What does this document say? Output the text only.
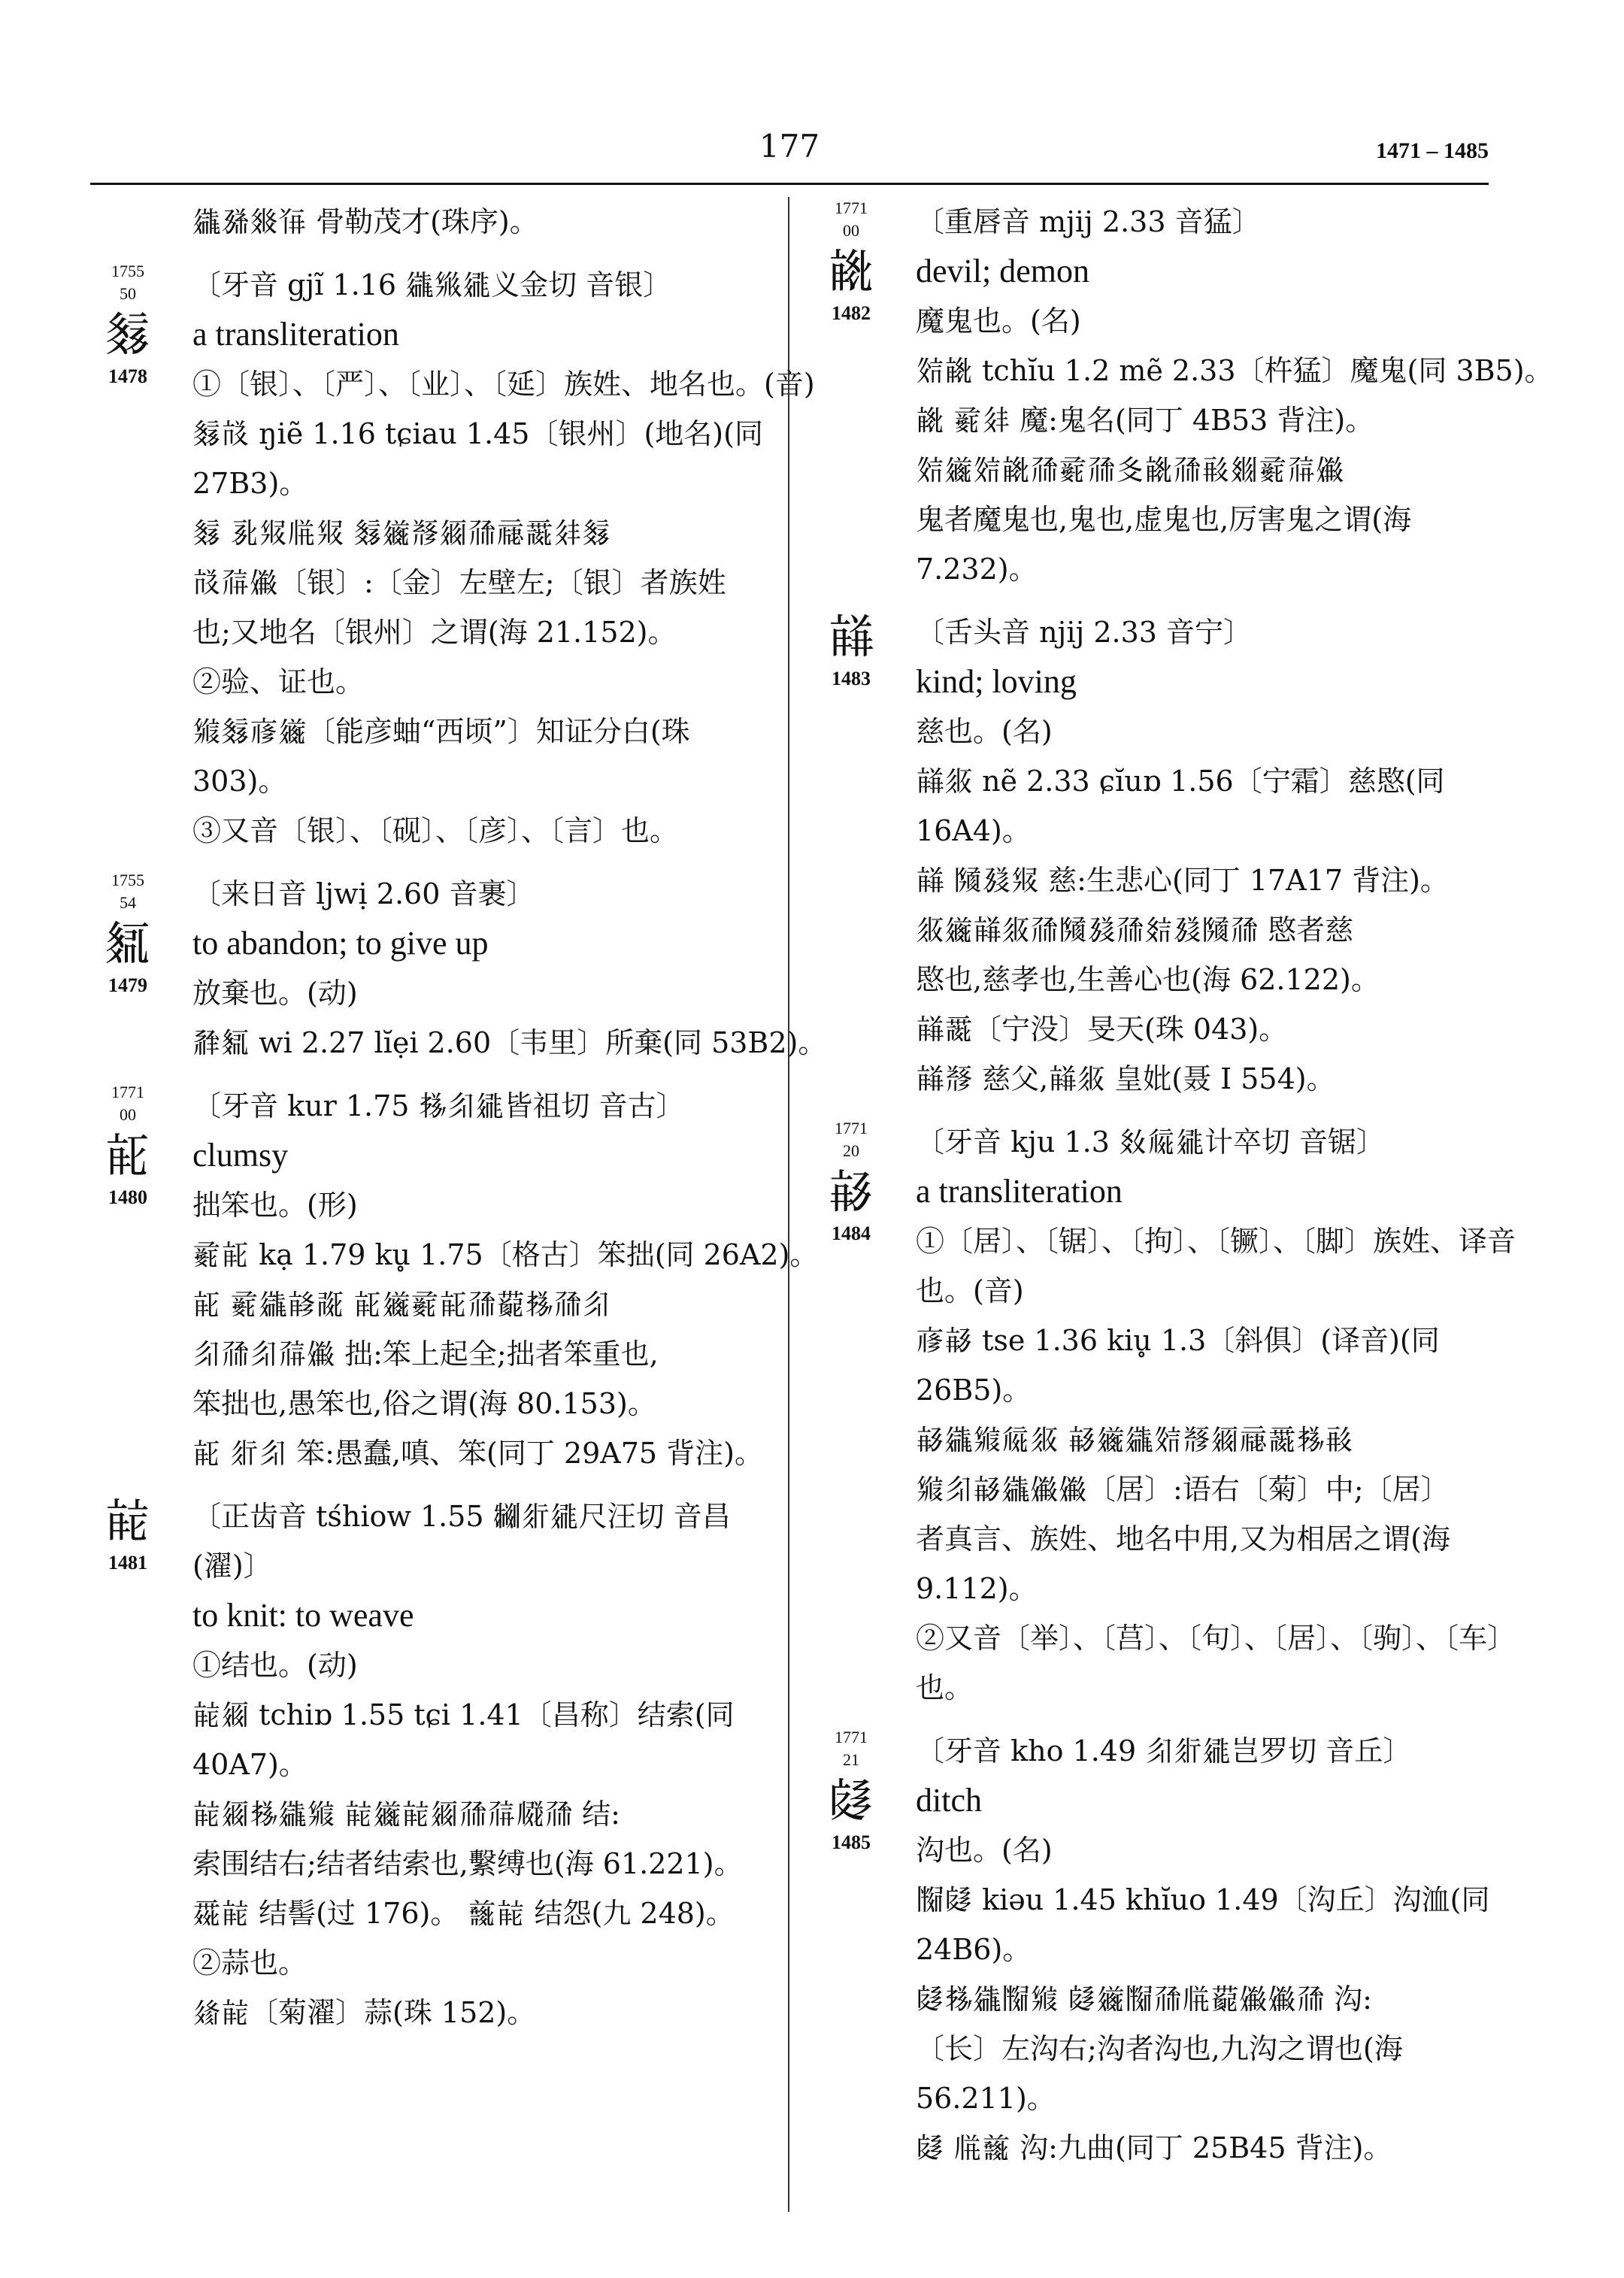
177	1471 – 1485
𗪘𗉨𗾟𗔽 骨勒茂才(珠序)。
1755
50
𘊐
1478
〔牙音 gjĩ 1.16 𗪘𗊱𗧓义金切 音银〕
a transliteration
①〔银〕、〔严〕、〔业〕、〔延〕族姓、地名也。(音)
𘊐𗭊 ŋiẽ 1.16 tɕiau 1.45〔银州〕(地名)(同
27B3)。
𘊐 𗎘𗊛𗄼𗊛 𘊐𗫂𘃡𗥃𗗙𗄊𗵘𗢳𘊐
𗭊𗗚𗏹〔银〕:〔金〕左壁左;〔银〕者族姓
也;又地名〔银州〕之谓(海 21.152)。
②验、证也。
𗋚𘊐𗇋𗫂〔能彦蚰“西顷”〕知证分白(珠
303)。
③又音〔银〕、〔砚〕、〔彦〕、〔言〕也。
1755
54
𘊓
1479
〔来日音 ljwị 2.60 音裹〕
to abandon; to give up
放棄也。(动)
𗴂𘊓 wi 2.27 lĭẹi 2.60〔韦里〕所棄(同 53B2)。
1771
00
𘋀
1480
〔牙音 kur 1.75 𗈪𗼃𗧓皆祖切 音古〕
clumsy
拙笨也。(形)
𗈜𘋀 kạ 1.79 ku̥ 1.75〔格古〕笨拙(同 26A2)。
𘋀 𗈜𗪘𘋁𗰞 𘋀𗫂𗈜𘋀𗗙𗞔𗈪𗗙𗼃
𗼃𗗙𗼃𗗚𗏹 拙:笨上起全;拙者笨重也,
笨拙也,愚笨也,俗之谓(海 80.153)。
𘋀 𗼄𗼃 笨:愚蠢,嗔、笨(同丁 29A75 背注)。
𘋂
1481
〔正齿音 tśhiow 1.55 𗴠𗼄𗧓尺汪切 音昌
(濯)〕
to knit: to weave
①结也。(动)
𘋂𗥃 tchiɒ 1.55 tɕi 1.41〔昌称〕结索(同
40A7)。
𘋂𗥃𗈪𗪘𗋚 𘋂𗫂𘋂𗥃𗗙𗗚𗆧𗗙 结:
索围结右;结者结索也,繫缚也(海 61.221)。
𗴺𘋂 结髻(过 176)。 𗔳𘋂 结怨(九 248)。
②蒜也。
𗦳𘋂〔菊濯〕蒜(珠 152)。
1771
00
𘋃
1482
〔重唇音 mjij 2.33 音猛〕
devil; demon
魔鬼也。(名)
𗼻𘋃 tchĭu 1.2 mẽ 2.33〔杵猛〕魔鬼(同 3B5)。
𘋃 𗈜𗢳 魔:鬼名(同丁 4B53 背注)。
𗼻𗫂𗼻𘋃𗗙𗈜𗗙𗾆𘋃𗗙𗷰𗾞𗈜𗗚𗏹
鬼者魔鬼也,鬼也,虚鬼也,厉害鬼之谓(海
7.232)。
𘋄
1483
〔舌头音 njij 2.33 音宁〕
kind; loving
慈也。(名)
𘋄𗼇 nẽ 2.33 ɕĭuɒ 1.56〔宁霜〕慈愍(同
16A4)。
𘋄 𗂧𗉢𗊛 慈:生悲心(同丁 17A17 背注)。
𗼇𗫂𘋄𗼇𗗙𗂧𗉢𗗙𗾖𗉢𗂧𗗙 愍者慈
愍也,慈孝也,生善心也(海 62.122)。
𘋄𗵘〔宁没〕旻天(珠 043)。
𘋄𘃡 慈父,𘋄𗼇 皇妣(聂 I 554)。
1771
20
𘋅
1484
〔牙音 kju 1.3 𗾈𗏁𗧓计卒切 音锯〕
a transliteration
①〔居〕、〔锯〕、〔拘〕、〔镢〕、〔脚〕族姓、译音
也。(音)
𗇋𘋅 tse 1.36 kiu̥ 1.3〔斜俱〕(译音)(同
26B5)。
𘋅𗪘𗋚𗏁𗼇 𘋅𗫂𗪘𗼻𘃡𗥃𗄊𗵘𗈪𗷰
𗋚𗼃𘋅𗪘𗏹𗏹〔居〕:语右〔菊〕中;〔居〕
者真言、族姓、地名中用,又为相居之谓(海
9.112)。
②又音〔举〕、〔莒〕、〔句〕、〔居〕、〔驹〕、〔车〕
也。
1771
21
𘋆
1485
〔牙音 kho 1.49 𗼃𗼄𗧓岂罗切 音丘〕
ditch
沟也。(名)
𗂰𘋆 kiəu 1.45 khĭuo 1.49〔沟丘〕沟洫(同
24B6)。
𘋆𗈪𗪘𗂰𗋚 𘋆𗫂𗂰𗗙𗄼𗞔𗏹𗏹𗗙 沟:
〔长〕左沟右;沟者沟也,九沟之谓也(海
56.211)。
𘋆 𗄼𗔳 沟:九曲(同丁 25B45 背注)。
